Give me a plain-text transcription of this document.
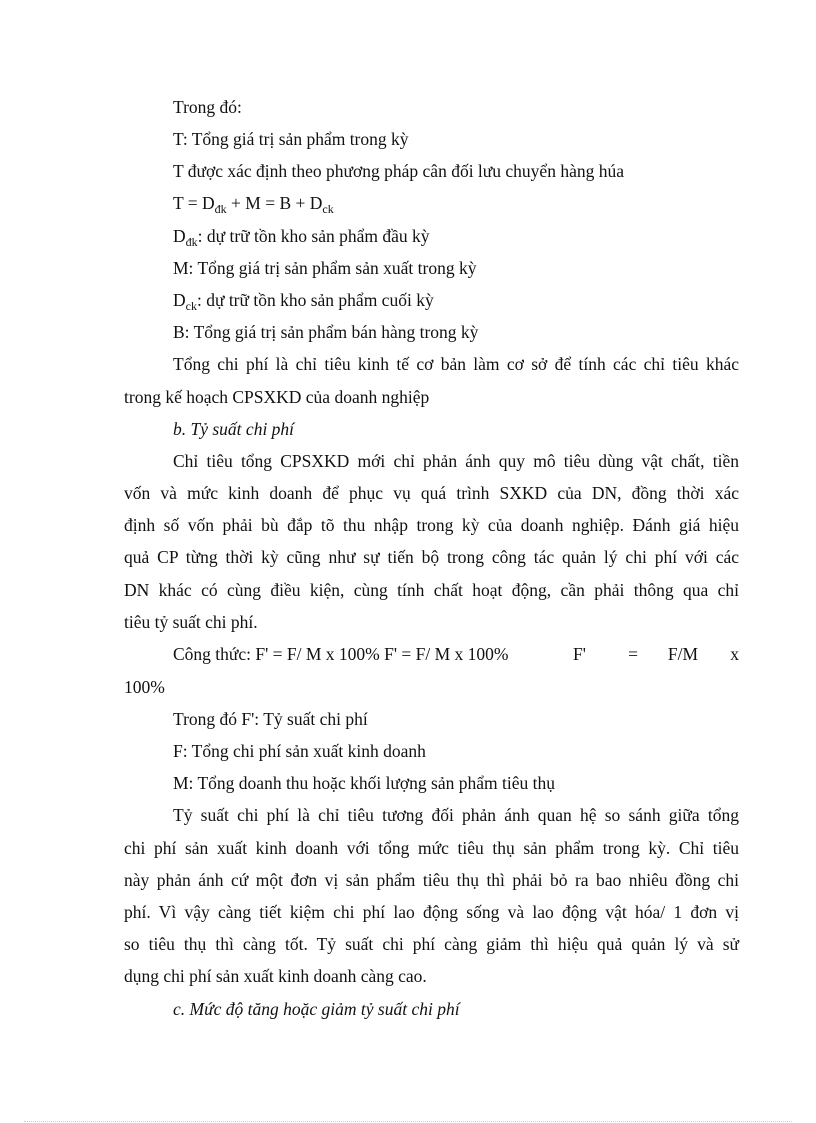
Trong đó:
T: Tổng giá trị sản phẩm trong kỳ
T được xác định theo phương pháp cân đối lưu chuyển hàng húa
$T = D_{đk} + M = B + D_{ck}$
$D_{đk}$: dự trữ tồn kho sản phẩm đầu kỳ
M: Tổng giá trị sản phẩm sản xuất trong kỳ
$D_{ck}$: dự trữ tồn kho sản phẩm cuối kỳ
B: Tổng giá trị sản phẩm bán hàng trong kỳ
Tổng chi phí là chỉ tiêu kinh tế cơ bản làm cơ sở để tính các chỉ tiêu khác
trong kế hoạch CPSXKD của doanh nghiệp
b. Tỷ suất chi phí
Chỉ tiêu tổng CPSXKD mới chỉ phản ánh quy mô tiêu dùng vật chất, tiền
vốn và mức kinh doanh để phục vụ quá trình SXKD của DN, đồng thời xác
định số vốn phải bù đắp tõ thu nhập trong kỳ của doanh nghiệp. Đánh giá hiệu
quả CP từng thời kỳ cũng như sự tiến bộ trong công tác quản lý chi phí với các
DN khác có cùng điều kiện, cùng tính chất hoạt động, cần phải thông qua chỉ
tiêu tỷ suất chi phí.
Công thức: F' = F/ M x 100% F' = F/ M x 100%	F'	=	F/M	x
100%
Trong đó F': Tỷ suất chi phí
F: Tổng chi phí sản xuất kinh doanh
M: Tổng doanh thu hoặc khối lượng sản phẩm tiêu thụ
Tỷ suất chi phí là chỉ tiêu tương đối phản ánh quan hệ so sánh giữa tổng
chi phí sản xuất kinh doanh với tổng mức tiêu thụ sản phẩm trong kỳ. Chỉ tiêu
này phản ánh cứ một đơn vị sản phẩm tiêu thụ thì phải bỏ ra bao nhiêu đồng chi
phí. Vì vậy càng tiết kiệm chi phí lao động sống và lao động vật hóa/ 1 đơn vị
so tiêu thụ thì càng tốt. Tỷ suất chi phí càng giảm thì hiệu quả quản lý và sử
dụng chi phí sản xuất kinh doanh càng cao.
c. Mức độ tăng hoặc giảm tỷ suất chi phí
